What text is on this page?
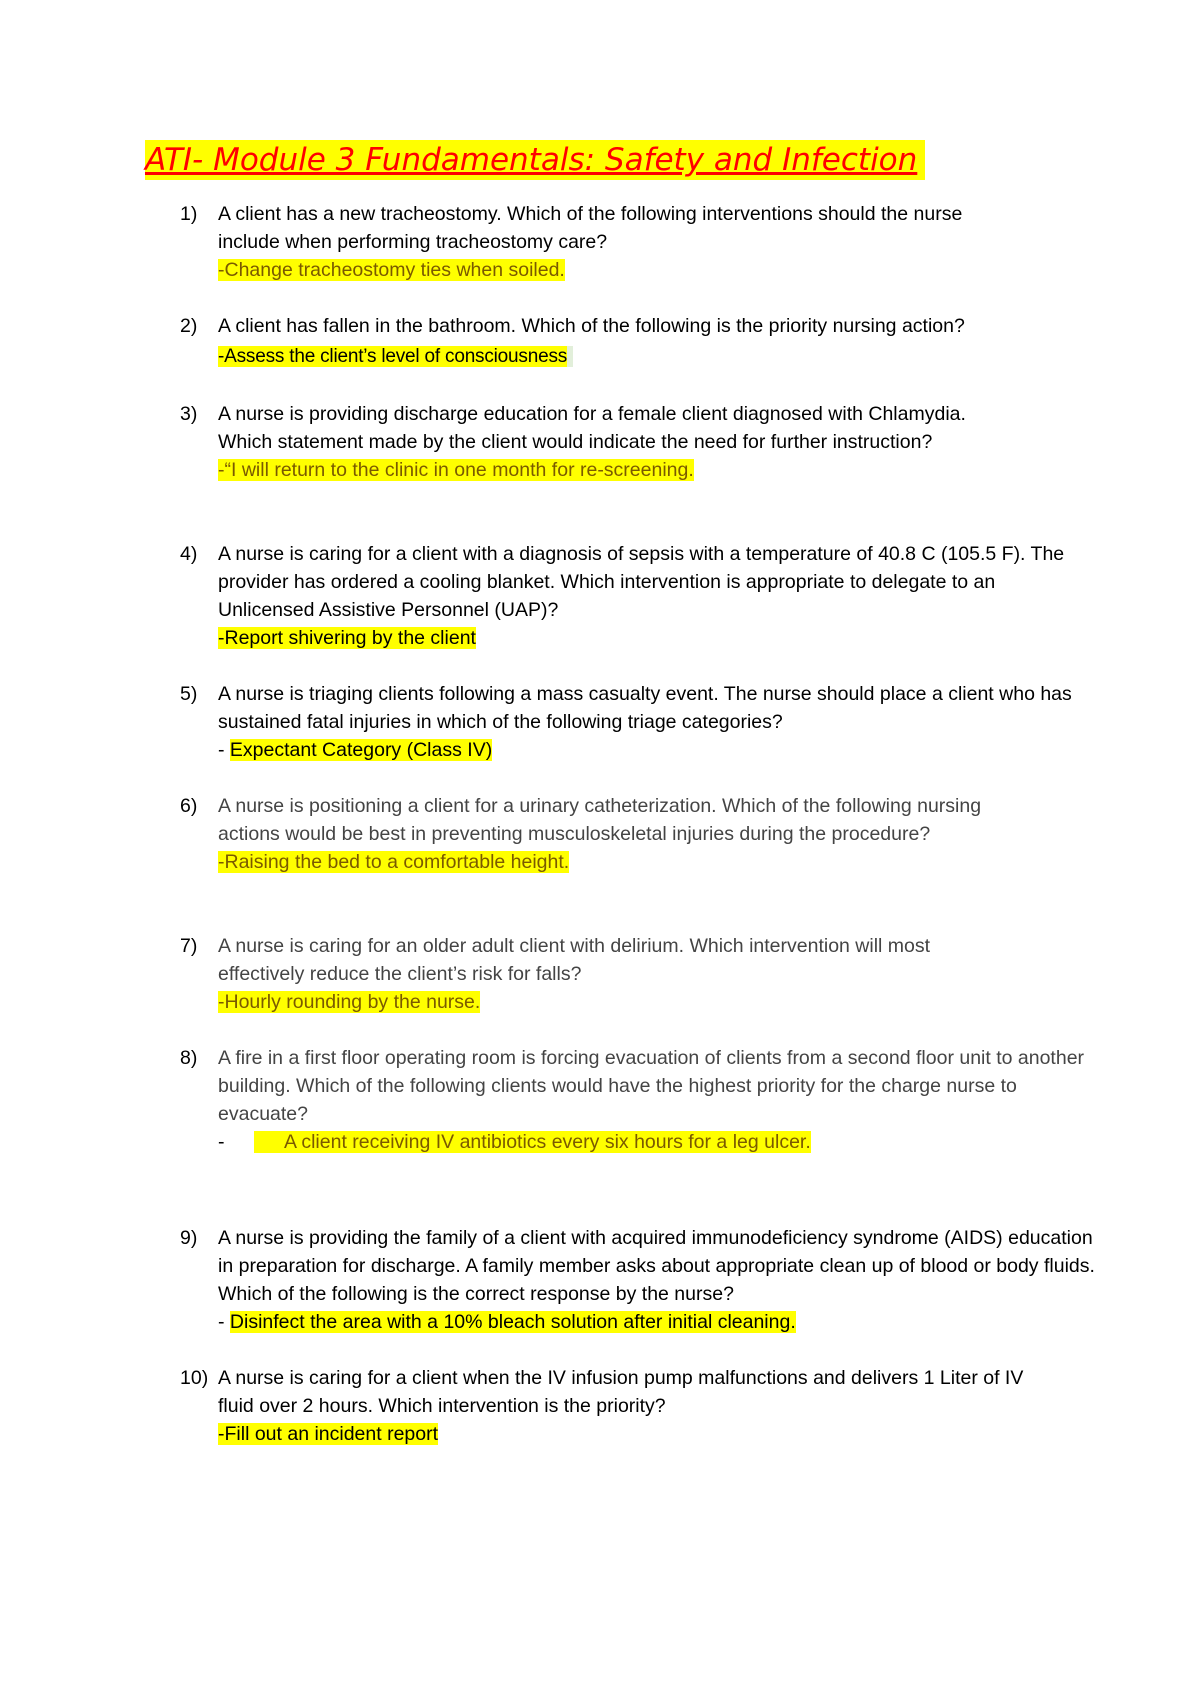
ATI- Module 3 Fundamentals: Safety and Infection
1)	A client has a new tracheostomy. Which of the following interventions should the nurse include when performing tracheostomy care?
-Change tracheostomy ties when soiled.
2)	A client has fallen in the bathroom. Which of the following is the priority nursing action?
-Assess the client’s level of consciousness
3)	A nurse is providing discharge education for a female client diagnosed with Chlamydia. Which statement made by the client would indicate the need for further instruction?
-“I will return to the clinic in one month for re-screening.
4)	A nurse is caring for a client with a diagnosis of sepsis with a temperature of 40.8 C (105.5 F). The provider has ordered a cooling blanket. Which intervention is appropriate to delegate to an Unlicensed Assistive Personnel (UAP)?
-Report shivering by the client
5)	A nurse is triaging clients following a mass casualty event. The nurse should place a client who has sustained fatal injuries in which of the following triage categories?
- Expectant Category (Class IV)
6)	A nurse is positioning a client for a urinary catheterization. Which of the following nursing actions would be best in preventing musculoskeletal injuries during the procedure?
-Raising the bed to a comfortable height.
7)	A nurse is caring for an older adult client with delirium. Which intervention will most effectively reduce the client’s risk for falls?
-Hourly rounding by the nurse.
8)	A fire in a first floor operating room is forcing evacuation of clients from a second floor unit to another building. Which of the following clients would have the highest priority for the charge nurse to evacuate?
-	A client receiving IV antibiotics every six hours for a leg ulcer.
9)	A nurse is providing the family of a client with acquired immunodeficiency syndrome (AIDS) education in preparation for discharge. A family member asks about appropriate clean up of blood or body fluids. Which of the following is the correct response by the nurse?
- Disinfect the area with a 10% bleach solution after initial cleaning.
10) A nurse is caring for a client when the IV infusion pump malfunctions and delivers 1 Liter of IV fluid over 2 hours. Which intervention is the priority?
-Fill out an incident report
